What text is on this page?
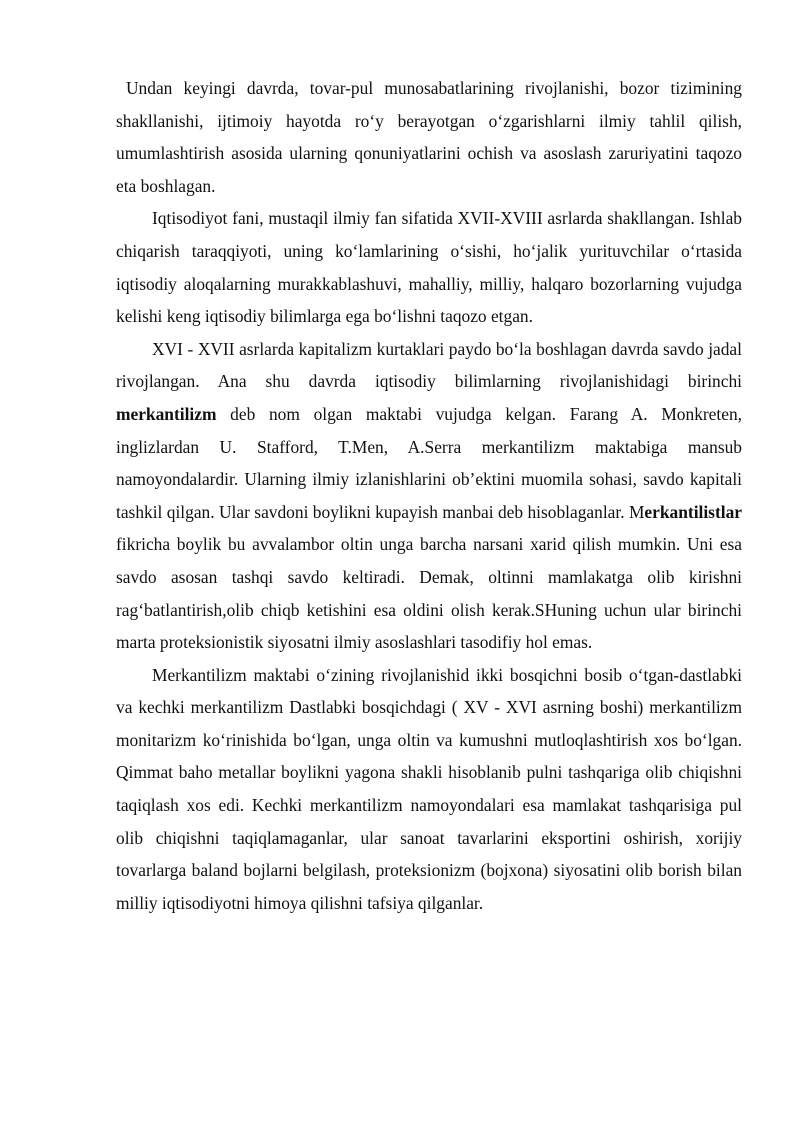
Undan keyingi davrda, tovar-pul munosabatlarining rivojlanishi, bozor tizimining shakllanishi, ijtimoiy hayotda ro‘y berayotgan o‘zgarishlarni ilmiy tahlil qilish, umumlashtirish asosida ularning qonuniyatlarini ochish va asoslash zaruriyatini taqozo eta boshlagan.

Iqtisodiyot fani, mustaqil ilmiy fan sifatida XVII-XVIII asrlarda shakllangan. Ishlab chiqarish taraqqiyoti, uning ko‘lamlarining o‘sishi, ho‘jalik yurituvchilar o‘rtasida iqtisodiy aloqalarning murakkablashuvi, mahalliy, milliy, halqaro bozorlarning vujudga kelishi keng iqtisodiy bilimlarga ega bo‘lishni taqozo etgan.

XVI - XVII asrlarda kapitalizm kurtaklari paydo bo‘la boshlagan davrda savdo jadal rivojlangan. Ana shu davrda iqtisodiy bilimlarning rivojlanishidagi birinchi merkantilizm deb nom olgan maktabi vujudga kelgan. Farang A. Monkreten, inglizlardan U. Stafford, T.Men, A.Serra merkantilizm maktabiga mansub namoyondalardir. Ularning ilmiy izlanishlarini ob’ektini muomila sohasi, savdo kapitali tashkil qilgan. Ular savdoni boylikni kupayish manbai deb hisoblaganlar. Merkantilistlar fikricha boylik bu avvalambor oltin unga barcha narsani xarid qilish mumkin. Uni esa savdo asosan tashqi savdo keltiradi. Demak, oltinni mamlakatga olib kirishni rag‘batlantirish,olib chiqb ketishini esa oldini olish kerak.SHuning uchun ular birinchi marta proteksionistik siyosatni ilmiy asoslashlari tasodifiy hol emas.

Merkantilizm maktabi o‘zining rivojlanishid ikki bosqichni bosib o‘tgan-dastlabki va kechki merkantilizm Dastlabki bosqichdagi ( XV - XVI asrning boshi) merkantilizm monitarizm ko‘rinishida bo‘lgan, unga oltin va kumushni mutloqlashtirish xos bo‘lgan. Qimmat baho metallar boylikni yagona shakli hisoblanib pulni tashqariga olib chiqishni taqiqlash xos edi. Kechki merkantilizm namoyondalari esa mamlakat tashqarisiga pul olib chiqishni taqiqlamaganlar, ular sanoat tavarlarini eksportini oshirish, xorijiy tovarlarga baland bojlarni belgilash, proteksionizm (bojxona) siyosatini olib borish bilan milliy iqtisodiyotni himoya qilishni tafsiya qilganlar.
